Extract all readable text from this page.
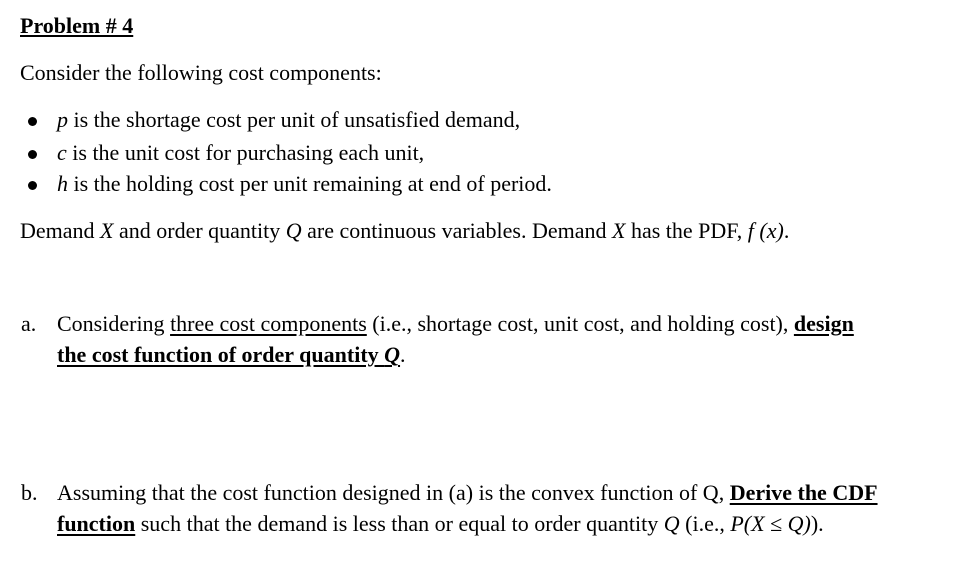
Problem # 4
Consider the following cost components:
p is the shortage cost per unit of unsatisfied demand,
c is the unit cost for purchasing each unit,
h is the holding cost per unit remaining at end of period.
Demand X and order quantity Q are continuous variables. Demand X has the PDF, f (x).
a. Considering three cost components (i.e., shortage cost, unit cost, and holding cost), design
the cost function of order quantity Q.
b. Assuming that the cost function designed in (a) is the convex function of Q, Derive the CDF
function such that the demand is less than or equal to order quantity Q (i.e., P(X ≤ Q)).
